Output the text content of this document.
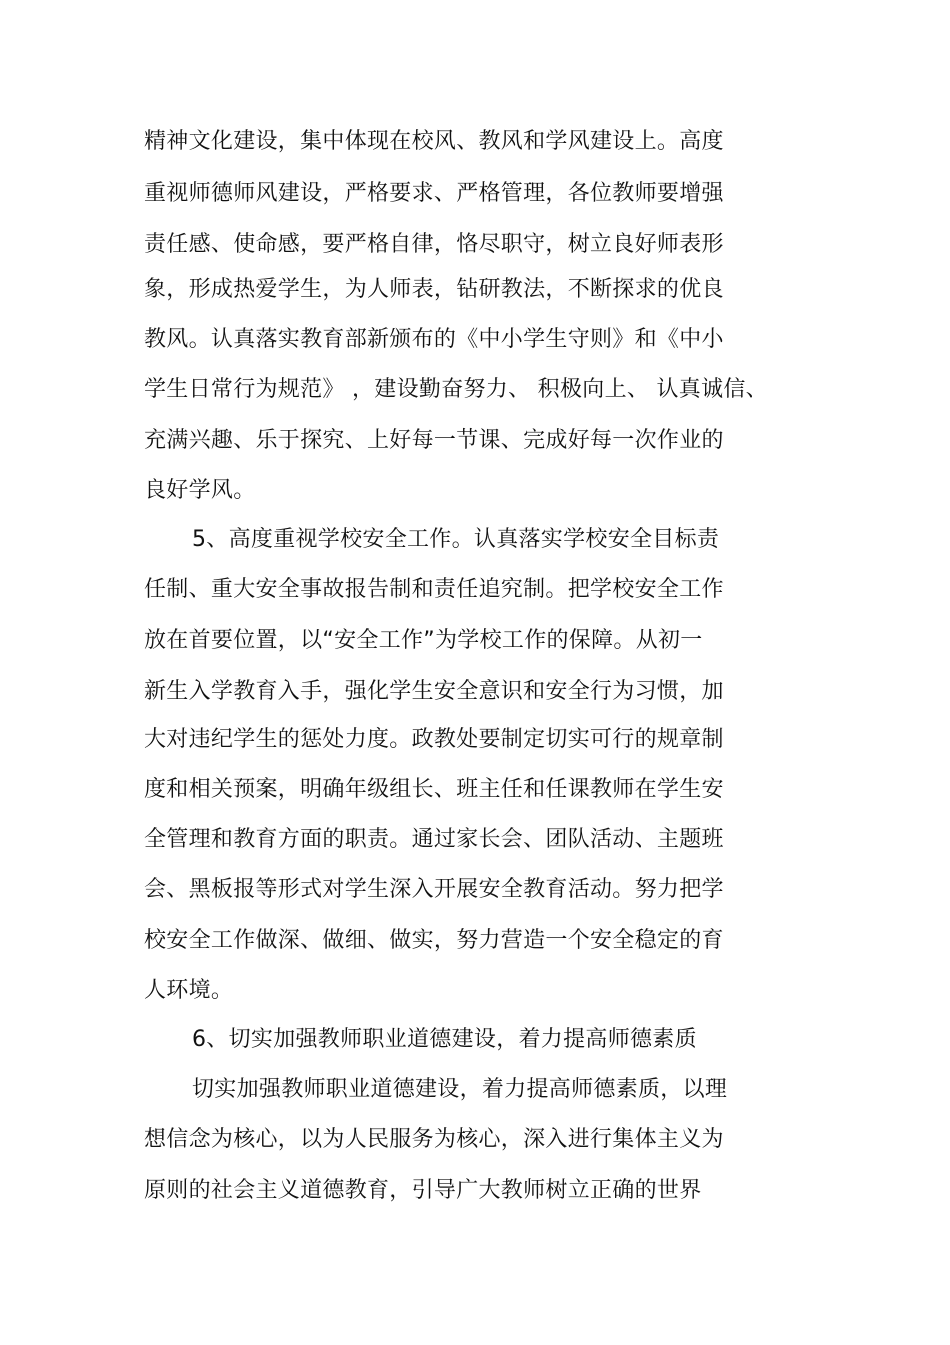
精神文化建设，集中体现在校风、教风和学风建设上。高度
重视师德师风建设，严格要求、严格管理，各位教师要增强
责任感、使命感，要严格自律，恪尽职守，树立良好师表形
象，形成热爱学生，为人师表，钻研教法，不断探求的优良
教风。认真落实教育部新颁布的《中小学生守则》和《中小
学生日常行为规范》 ，建设勤奋努力、 积极向上、 认真诚信、
充满兴趣、乐于探究、上好每一节课、完成好每一次作业的
良好学风。
5、高度重视学校安全工作。认真落实学校安全目标责
任制、重大安全事故报告制和责任追究制。把学校安全工作
放在首要位置，以“安全工作”为学校工作的保障。从初一
新生入学教育入手，强化学生安全意识和安全行为习惯，加
大对违纪学生的惩处力度。政教处要制定切实可行的规章制
度和相关预案，明确年级组长、班主任和任课教师在学生安
全管理和教育方面的职责。通过家长会、团队活动、主题班
会、黑板报等形式对学生深入开展安全教育活动。努力把学
校安全工作做深、做细、做实，努力营造一个安全稳定的育
人环境。
6、切实加强教师职业道德建设，着力提高师德素质
切实加强教师职业道德建设，着力提高师德素质，以理
想信念为核心，以为人民服务为核心，深入进行集体主义为
原则的社会主义道德教育，引导广大教师树立正确的世界
